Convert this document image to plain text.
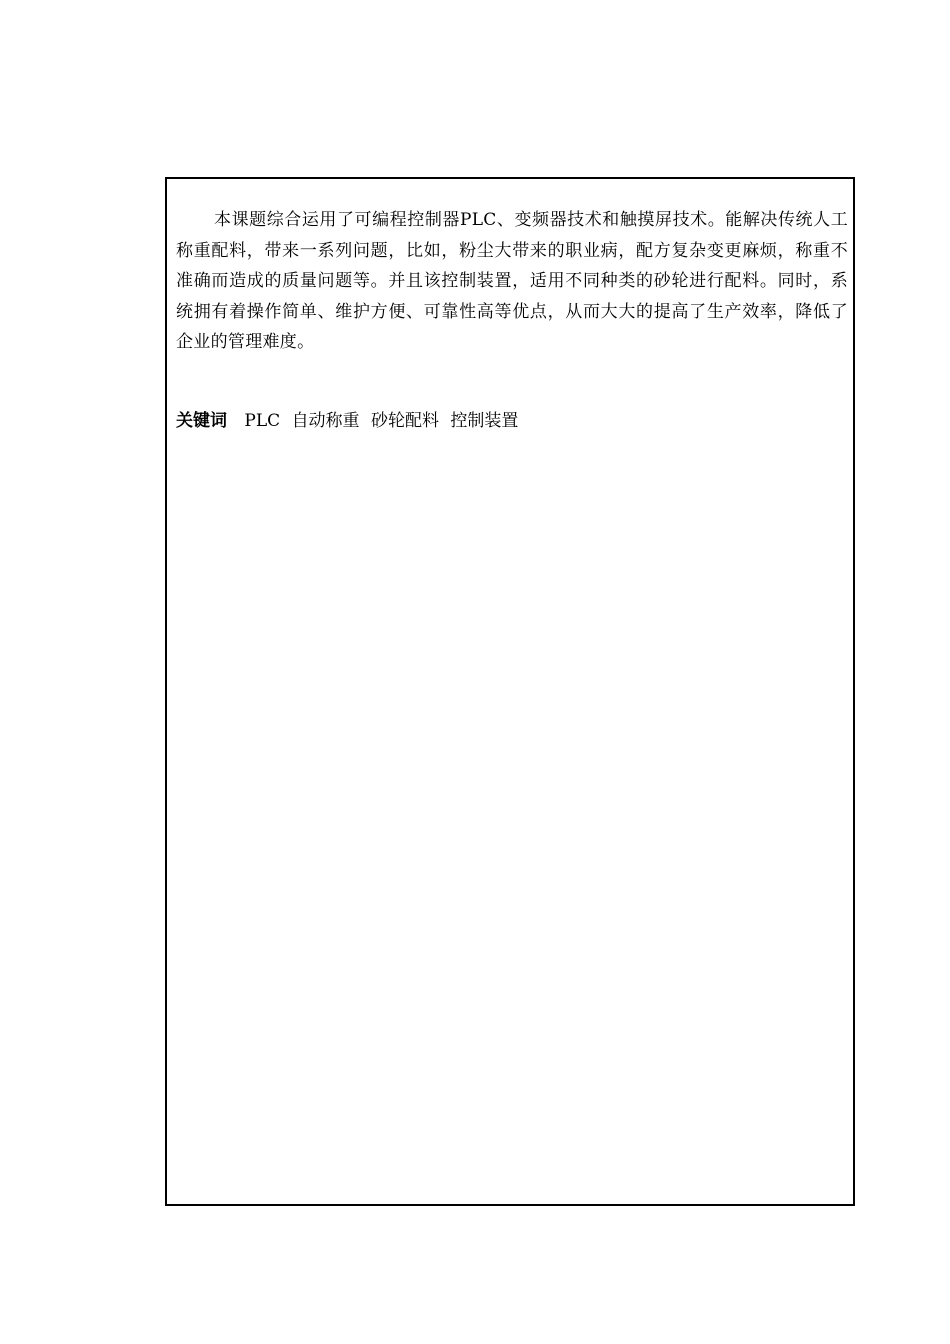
本课题综合运用了可编程控制器PLC、变频器技术和触摸屏技术。能解决传统人工称重配料，带来一系列问题，比如，粉尘大带来的职业病，配方复杂变更麻烦，称重不准确而造成的质量问题等。并且该控制装置，适用不同种类的砂轮进行配料。同时，系统拥有着操作简单、维护方便、可靠性高等优点，从而大大的提高了生产效率，降低了企业的管理难度。

关键词 PLC 自动称重 砂轮配料 控制装置
